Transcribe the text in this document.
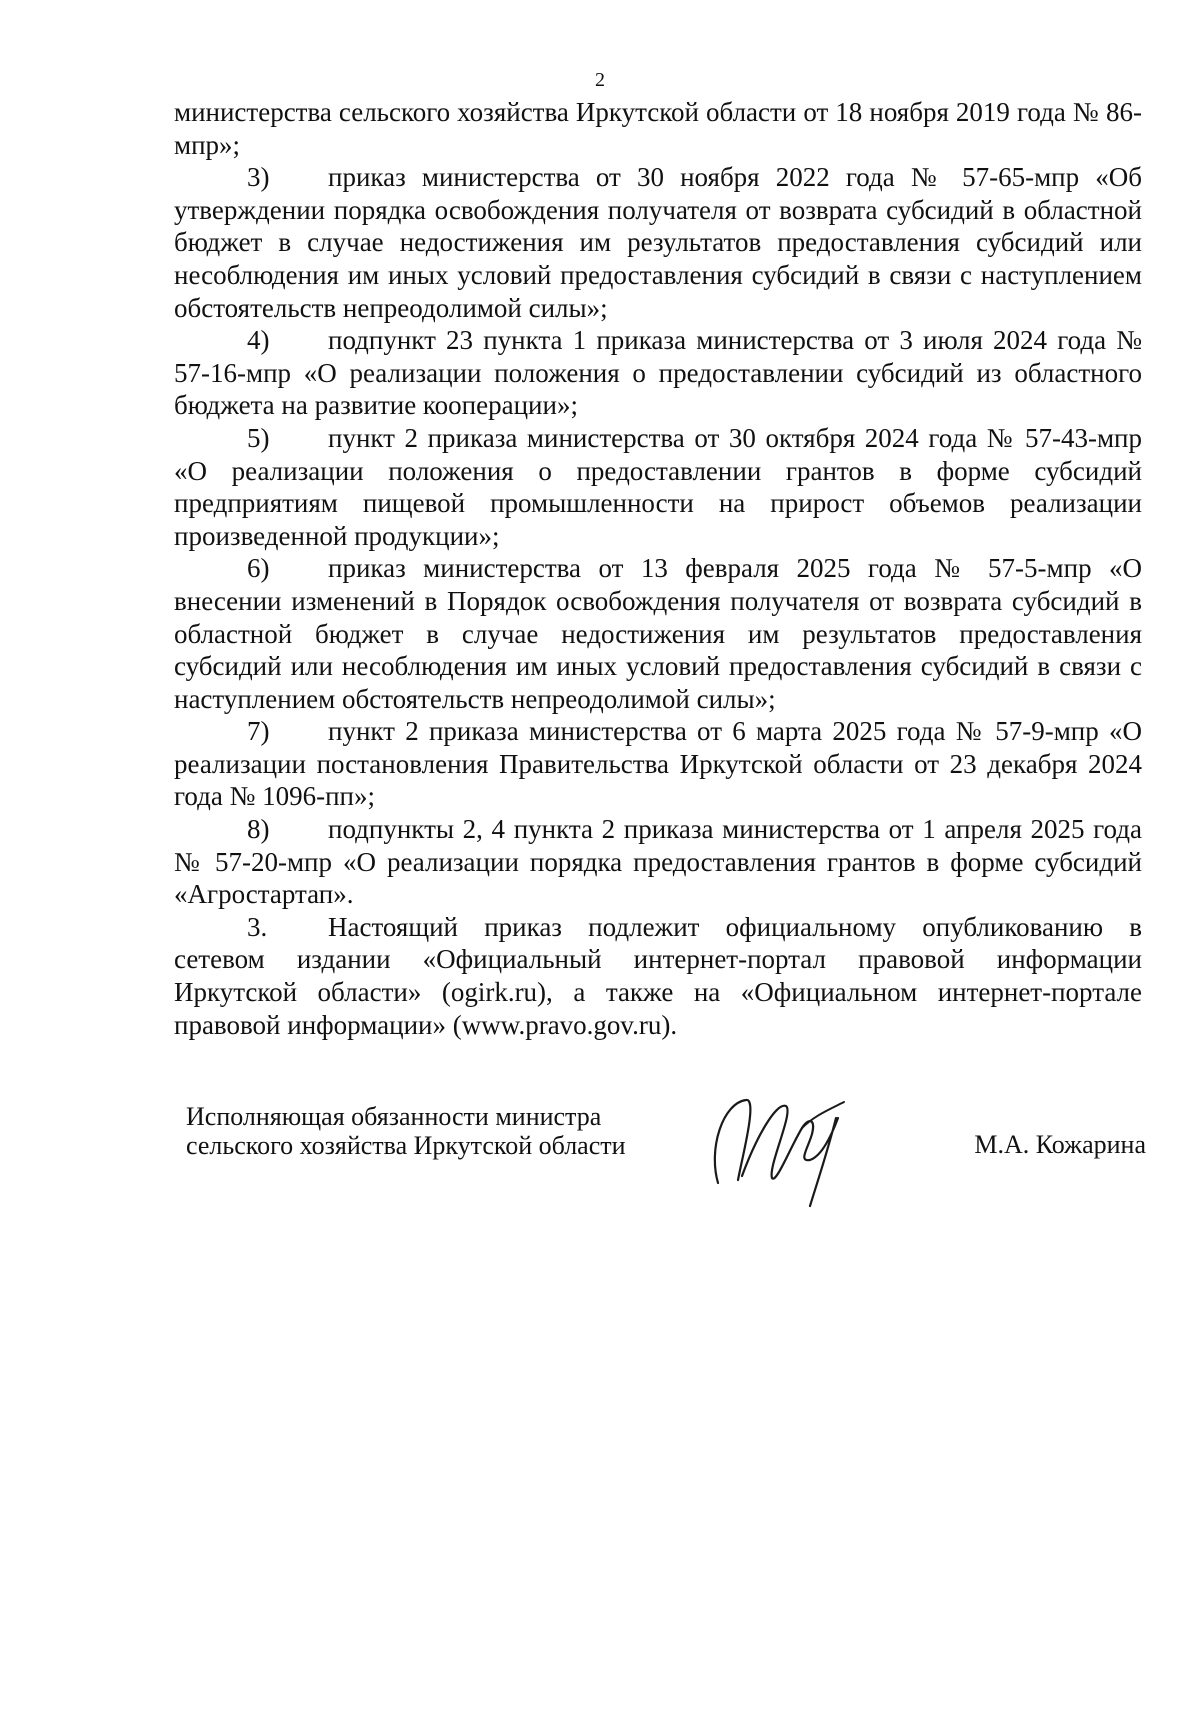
2

министерства сельского хозяйства Иркутской области от 18 ноября 2019 года № 86-мпр»;

3) приказ министерства от 30 ноября 2022 года № 57-65-мпр «Об утверждении порядка освобождения получателя от возврата субсидий в областной бюджет в случае недостижения им результатов предоставления субсидий или несоблюдения им иных условий предоставления субсидий в связи с наступлением обстоятельств непреодолимой силы»;

4) подпункт 23 пункта 1 приказа министерства от 3 июля 2024 года № 57-16-мпр «О реализации положения о предоставлении субсидий из областного бюджета на развитие кооперации»;

5) пункт 2 приказа министерства от 30 октября 2024 года № 57-43-мпр «О реализации положения о предоставлении грантов в форме субсидий предприятиям пищевой промышленности на прирост объемов реализации произведенной продукции»;

6) приказ министерства от 13 февраля 2025 года № 57-5-мпр «О внесении изменений в Порядок освобождения получателя от возврата субсидий в областной бюджет в случае недостижения им результатов предоставления субсидий или несоблюдения им иных условий предоставления субсидий в связи с наступлением обстоятельств непреодолимой силы»;

7) пункт 2 приказа министерства от 6 марта 2025 года № 57-9-мпр «О реализации постановления Правительства Иркутской области от 23 декабря 2024 года № 1096-пп»;

8) подпункты 2, 4 пункта 2 приказа министерства от 1 апреля 2025 года № 57-20-мпр «О реализации порядка предоставления грантов в форме субсидий «Агростартап».

3. Настоящий приказ подлежит официальному опубликованию в сетевом издании «Официальный интернет-портал правовой информации Иркутской области» (ogirk.ru), а также на «Официальном интернет-портале правовой информации» (www.pravo.gov.ru).

Исполняющая обязанности министра
сельского хозяйства Иркутской области	М.А. Кожарина
